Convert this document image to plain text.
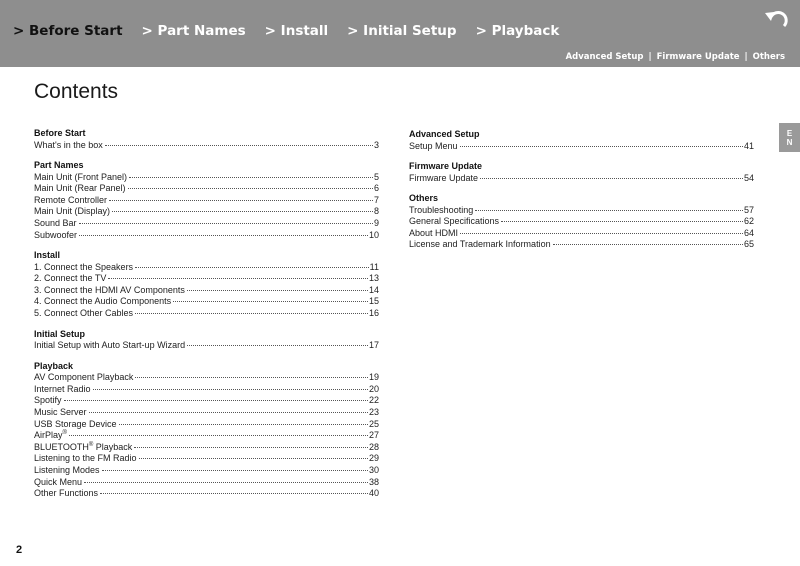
> Before Start > Part Names > Install > Initial Setup > Playback
Advanced Setup | Firmware Update | Others
Contents
Before Start
What's in the box	3
Part Names
Main Unit (Front Panel)	5
Main Unit (Rear Panel)	6
Remote Controller	7
Main Unit (Display)	8
Sound Bar	9
Subwoofer	10
Install
1. Connect the Speakers	11
2. Connect the TV	13
3. Connect the HDMI AV Components	14
4. Connect the Audio Components	15
5. Connect Other Cables	16
Initial Setup
Initial Setup with Auto Start-up Wizard	17
Playback
AV Component Playback	19
Internet Radio	20
Spotify	22
Music Server	23
USB Storage Device	25
AirPlay®	27
BLUETOOTH® Playback	28
Listening to the FM Radio	29
Listening Modes	30
Quick Menu	38
Other Functions	40
Advanced Setup
Setup Menu	41
Firmware Update
Firmware Update	54
Others
Troubleshooting	57
General Specifications	62
About HDMI	64
License and Trademark Information	65
E
N
2
